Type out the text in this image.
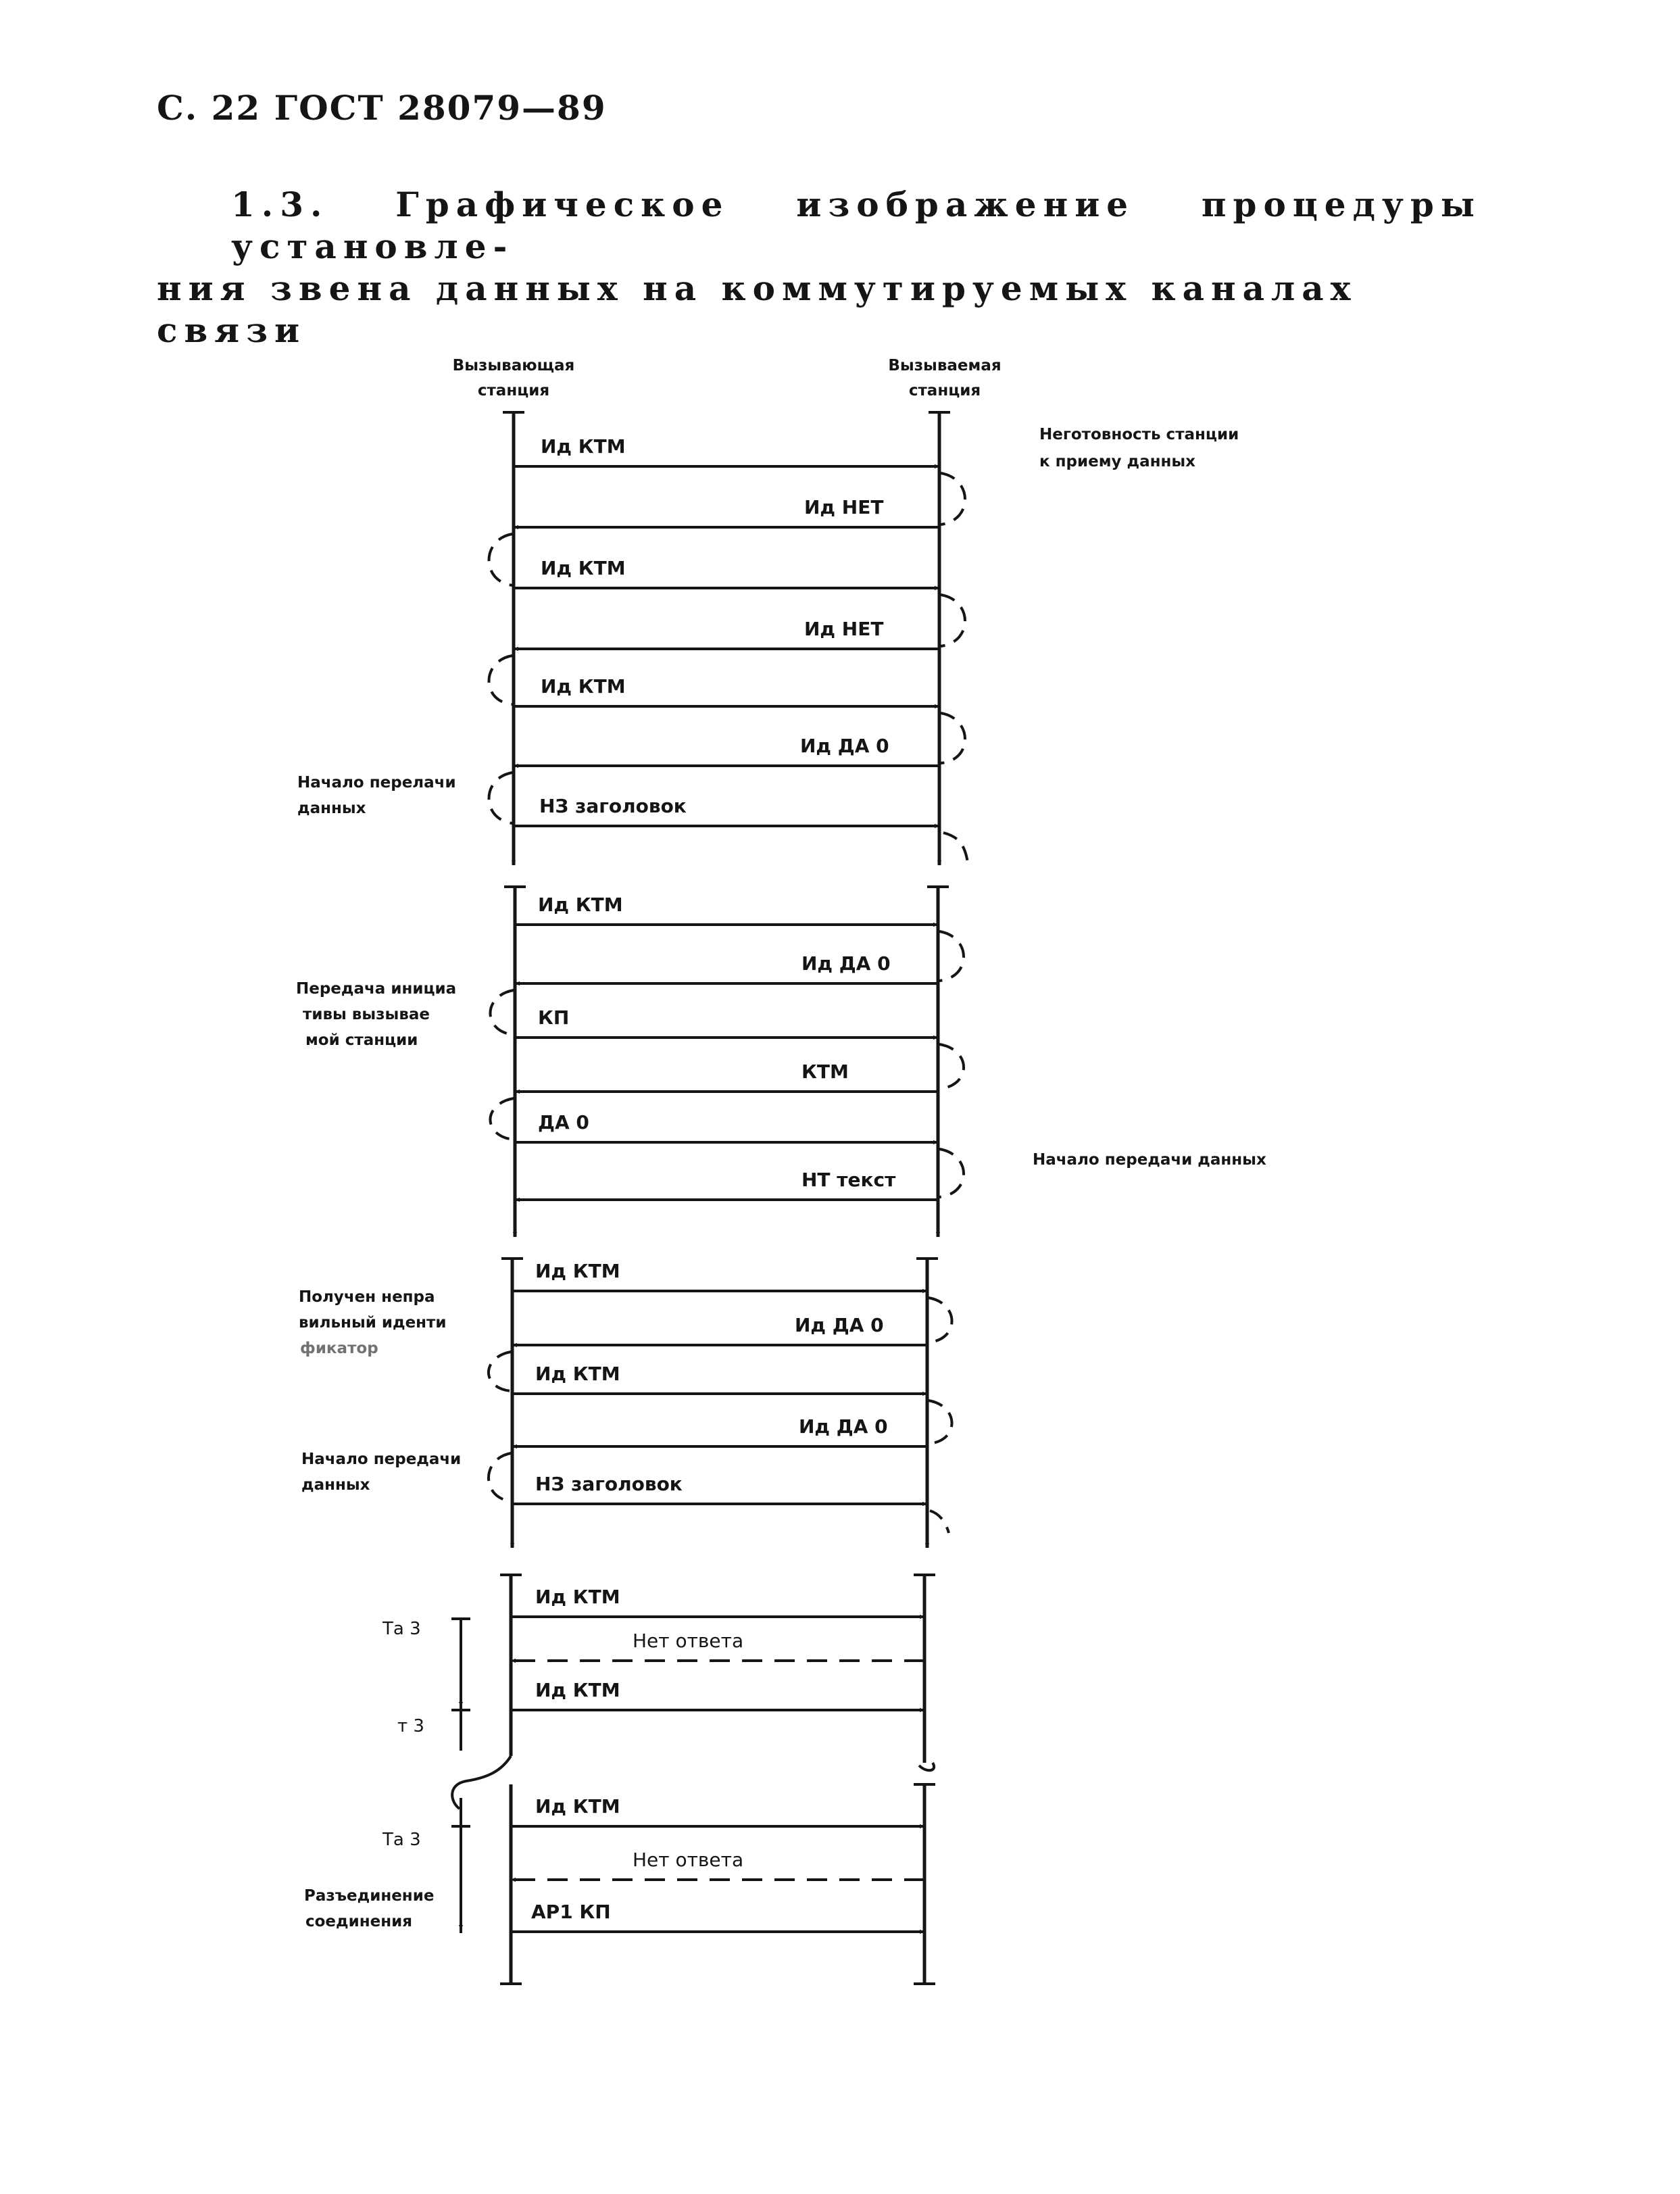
С. 22 ГОСТ 28079—89
1.3. Графическое изображение процедуры установле-
ния звена данных на коммутируемых каналах связи
Вызывающая
станция
Вызываемая
станция
Неготовность станции
к приему данных
Начало перелачи
данных
Передача инициа
тивы вызывае
мой станции
Начало передачи данных
Получен непра
вильный иденти
фикатор
Начало передачи
данных
Та 3
т 3
Та 3
Разъединение
соединения
Ид КТМ
Ид НЕТ
Ид КТМ
Ид НЕТ
Ид КТМ
Ид ДА 0
НЗ заголовок
Ид КТМ
Ид ДА 0
КП
КТМ
ДА 0
НТ текст
Ид КТМ
Ид ДА 0
Ид КТМ
Ид ДА 0
НЗ заголовок
Ид КТМ
Нет ответа
Ид КТМ
Ид КТМ
Нет ответа
АР1 КП
